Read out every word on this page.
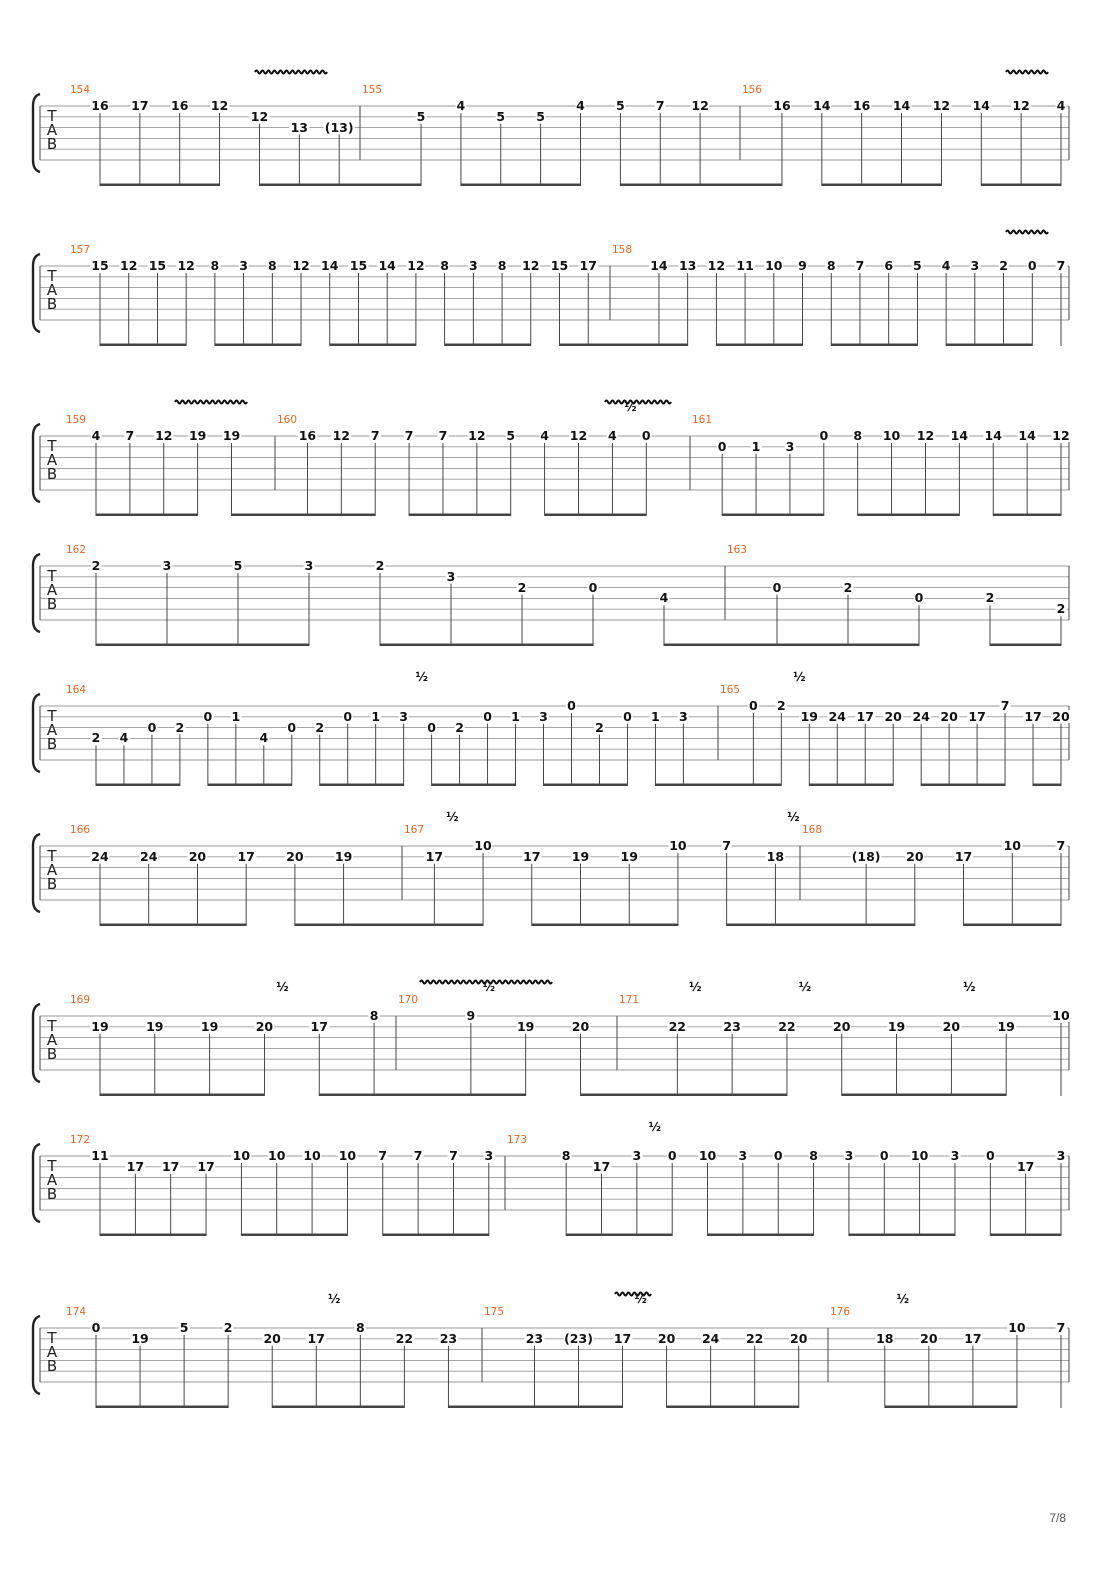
T
A
B
154	155	156
16 17 16 12
12
13 (13)
5
4
5 5
4 5 7 12	16 14 16 14 12 14 12 4
T
A
B
157	158
15 12 15 12 8 3 8 12 14 15 14 12 8 3 8 12 15 17	14 13 12 11 10 9 8 7 6 5 4 3 2 0 7
T
A
B
159	160	161
4 7 12 19 19	16 12 7 7 7 12 5 4 12 4 0
0 1 3
0 8 10 12 14 14 14 12
½
T
A
B
162	163
2	3	5	3	2
3
2	0
4
0	2
0	2
2
T
A
B
164	165
2 4
0 2
0 1
4
0 2
0 1 3
0 2
0 1 3
0
2
0 1 3
0 2
19 24 17 20 24 20 17
7
17 20
½	½
T
A
B
166	167	168
24	24	20	17	20	19	17
10
17	19	19
10	7
18	(18) 20	17
10	7
½	½
T
A
B
169	170	171
19	19	19	20	17
8	9
19	20	22	23	22	20	19	20	19
10
½	½	½	½	½
T
A
B
172	173
11
17 17 17
10 10 10 10 7 7 7 3	8
17
3 0 10 3 0 8 3 0 10 3 0
17
3
½
T
A
B
174	175	176
0
19
5	2
20 17
8
22 23	23 (23) 17 20 24 22 20	18 20 17
10 7
½	½	½
7/8
